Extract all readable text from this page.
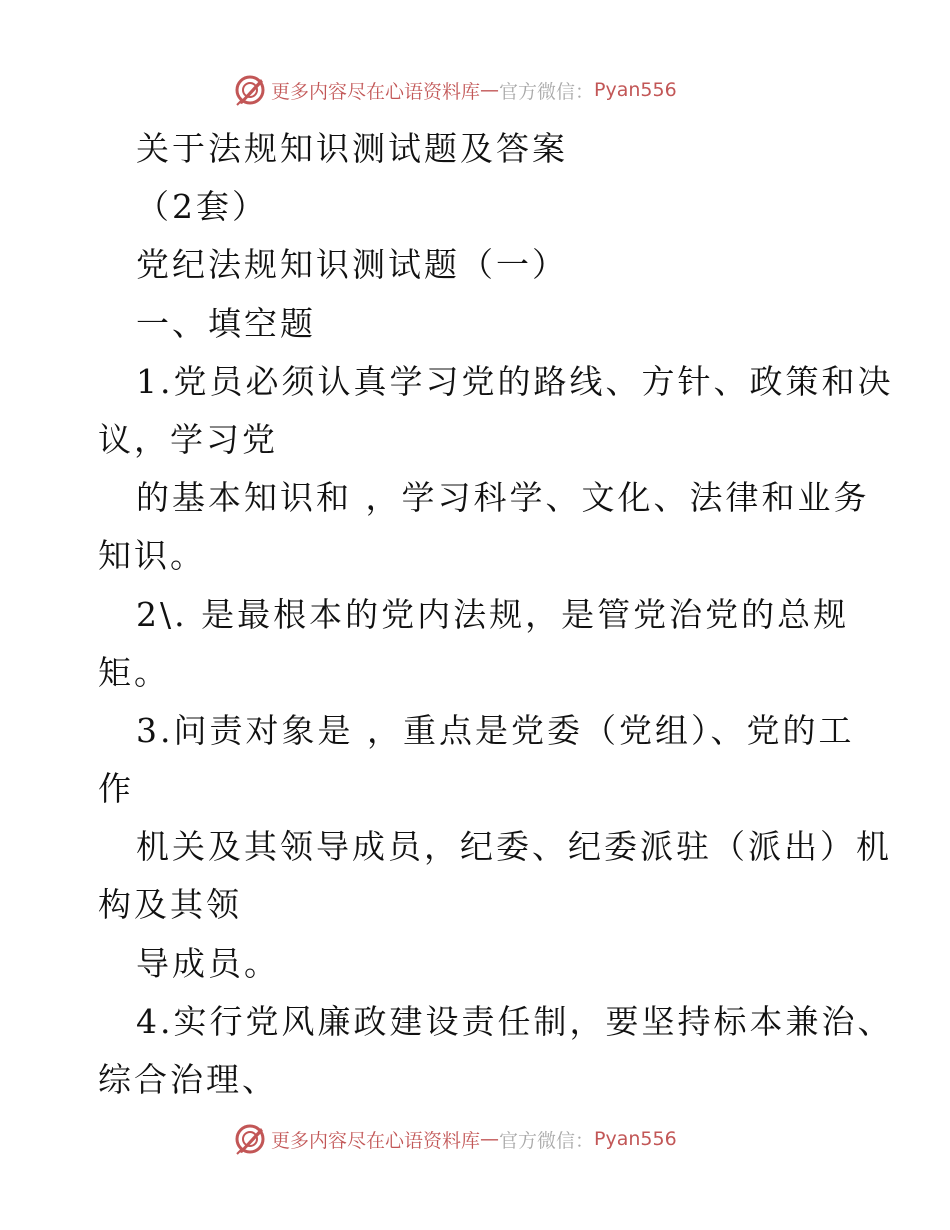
更多内容尽在心语资料库 — 官方微信： Pyan556
关于法规知识测试题及答案
（2套）
党纪法规知识测试题（一）
一、填空题
1.党员必须认真学习党的路线、方针、政策和决
议，学习党
的基本知识和 ，学习科学、文化、法律和业务
知识。
2\. 是最根本的党内法规，是管党治党的总规
矩。
3.问责对象是 ，重点是党委（党组）、党的工
作
机关及其领导成员，纪委、纪委派驻（派出）机
构及其领
导成员。
4.实行党风廉政建设责任制，要坚持标本兼治、
综合治理、
更多内容尽在心语资料库 — 官方微信： Pyan556
